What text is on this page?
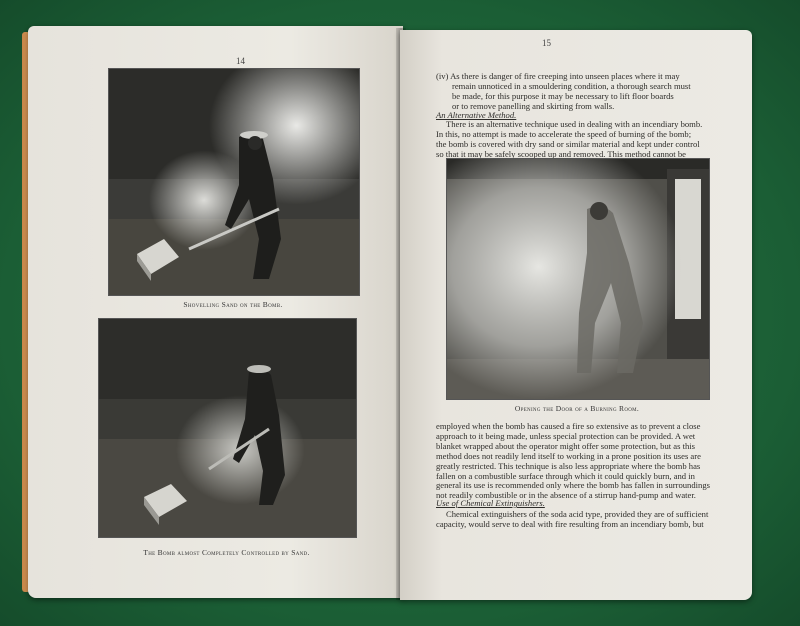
14
Shovelling Sand on the Bomb.
The Bomb almost Completely Controlled by Sand.
15

(iv) As there is danger of fire creeping into unseen places where it may

remain unnoticed in a smouldering condition, a thorough search must

be made, for this purpose it may be necessary to lift floor boards

or to remove panelling and skirting from walls.

An Alternative Method.

There is an alternative technique used in dealing with an incendiary bomb.

In this, no attempt is made to accelerate the speed of burning of the bomb;

the bomb is covered with dry sand or similar material and kept under control

so that it may be safely scooped up and removed. This method cannot be

Opening the Door of a Burning Room.

employed when the bomb has caused a fire so extensive as to prevent a close

approach to it being made, unless special protection can be provided. A wet

blanket wrapped about the operator might offer some protection, but as this

method does not readily lend itself to working in a prone position its uses are

greatly restricted. This technique is also less appropriate where the bomb has

fallen on a combustible surface through which it could quickly burn, and in

general its use is recommended only where the bomb has fallen in surroundings

not readily combustible or in the absence of a stirrup hand-pump and water.

Use of Chemical Extinguishers.

Chemical extinguishers of the soda acid type, provided they are of sufficient

capacity, would serve to deal with fire resulting from an incendiary bomb, but
